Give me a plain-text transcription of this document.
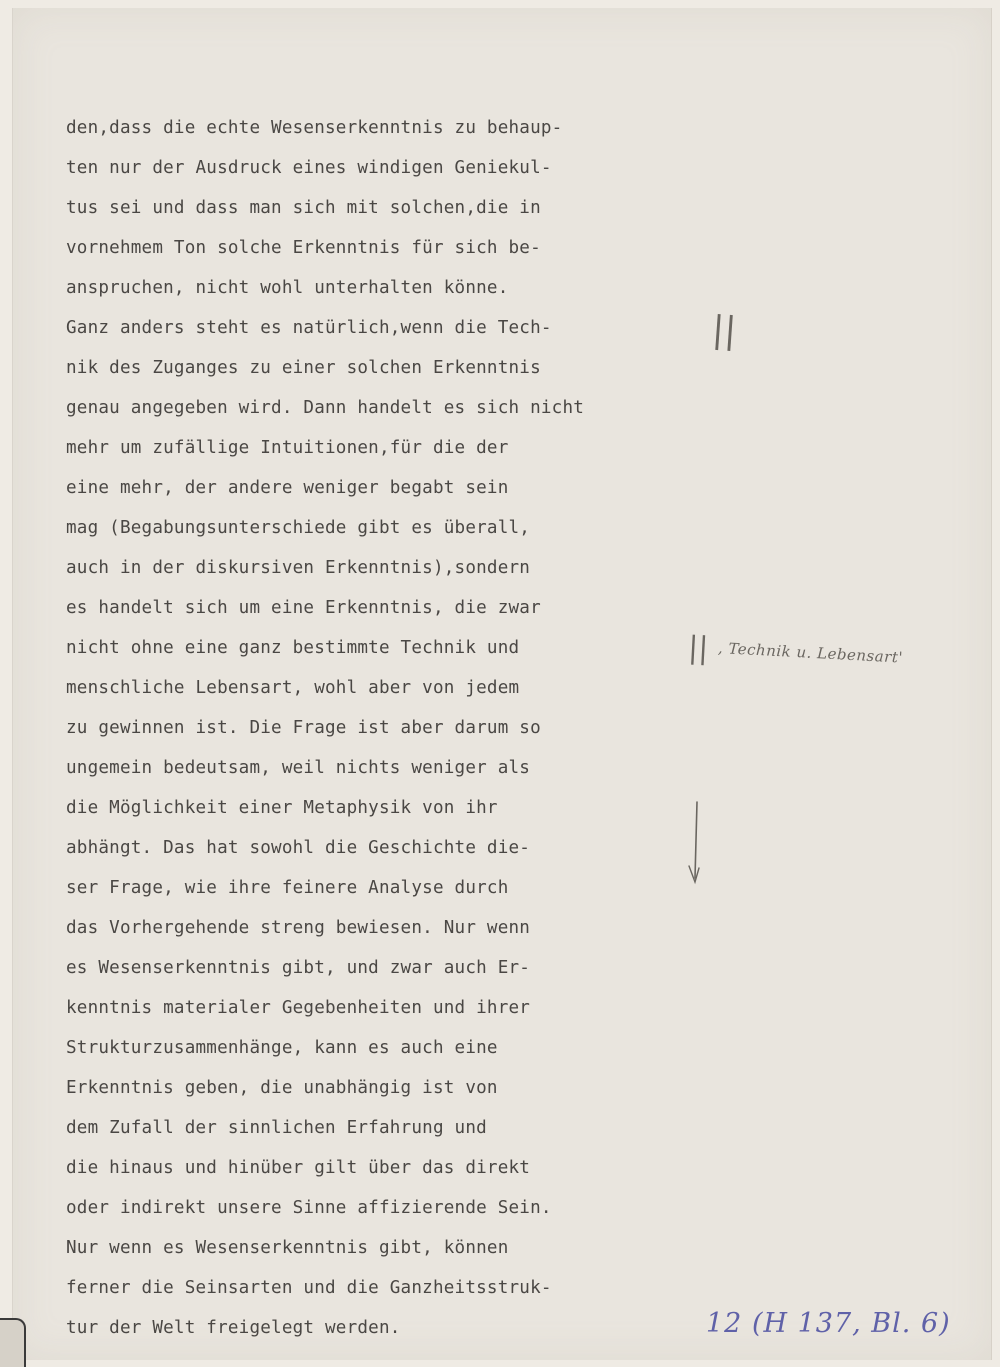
den,dass die echte Wesenserkenntnis zu behaup-
ten nur der Ausdruck eines windigen Geniekul-
tus sei und dass man sich mit solchen,die in
vornehmem Ton solche Erkenntnis für sich be-
anspruchen, nicht wohl unterhalten könne.
Ganz anders steht es natürlich,wenn die Tech-
nik des Zuganges zu einer solchen Erkenntnis
genau angegeben wird. Dann handelt es sich nicht
mehr um zufällige Intuitionen,für die der
eine mehr, der andere weniger begabt sein
mag (Begabungsunterschiede gibt es überall,
auch in der diskursiven Erkenntnis),sondern
es handelt sich um eine Erkenntnis, die zwar
nicht ohne eine ganz bestimmte Technik und
menschliche Lebensart, wohl aber von jedem
zu gewinnen ist. Die Frage ist aber darum so
ungemein bedeutsam, weil nichts weniger als
die Möglichkeit einer Metaphysik von ihr
abhängt. Das hat sowohl die Geschichte die-
ser Frage, wie ihre feinere Analyse durch
das Vorhergehende streng bewiesen. Nur wenn
es Wesenserkenntnis gibt, und zwar auch Er-
kenntnis materialer Gegebenheiten und ihrer
Strukturzusammenhänge, kann es auch eine
Erkenntnis geben, die unabhängig ist von
dem Zufall der sinnlichen Erfahrung und
die hinaus und hinüber gilt über das direkt
oder indirekt unsere Sinne affizierende Sein.
Nur wenn es Wesenserkenntnis gibt, können
ferner die Seinsarten und die Ganzheitsstruk-
tur der Welt freigelegt werden.
||
|| $^{, Technik u. Lebensart'}$
12 (H 137, Bl. 6)
